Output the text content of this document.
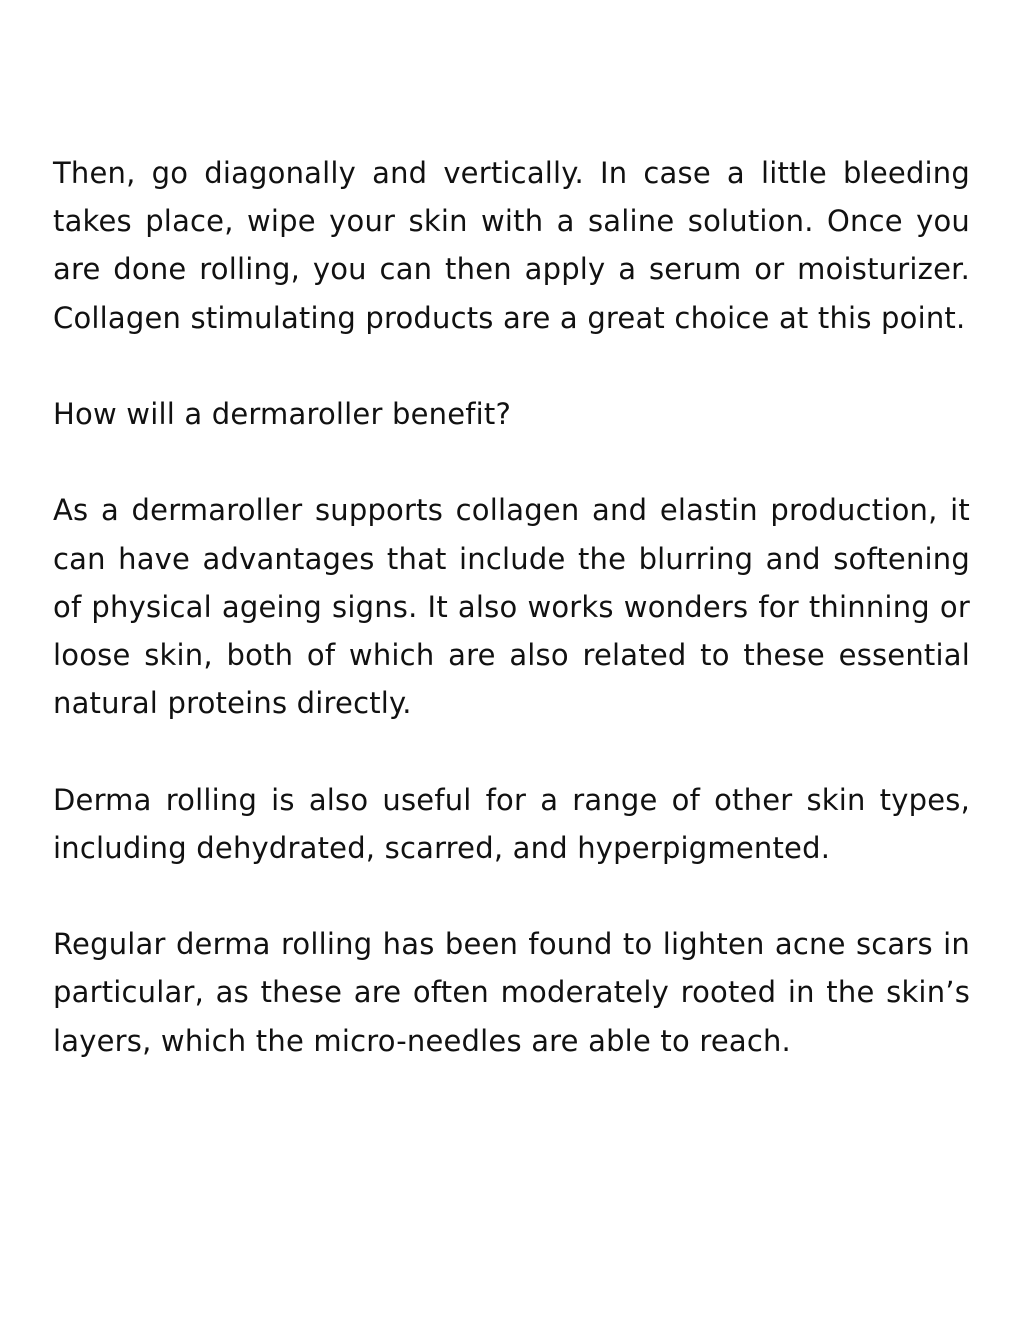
Then, go diagonally and vertically. In case a little bleeding takes place, wipe your skin with a saline solution. Once you are done rolling, you can then apply a serum or moisturizer. Collagen stimulating products are a great choice at this point.

How will a dermaroller benefit?

As a dermaroller supports collagen and elastin production, it can have advantages that include the blurring and softening of physical ageing signs. It also works wonders for thinning or loose skin, both of which are also related to these essential natural proteins directly.

Derma rolling is also useful for a range of other skin types, including dehydrated, scarred, and hyperpigmented.

Regular derma rolling has been found to lighten acne scars in particular, as these are often moderately rooted in the skin’s layers, which the micro-needles are able to reach.
